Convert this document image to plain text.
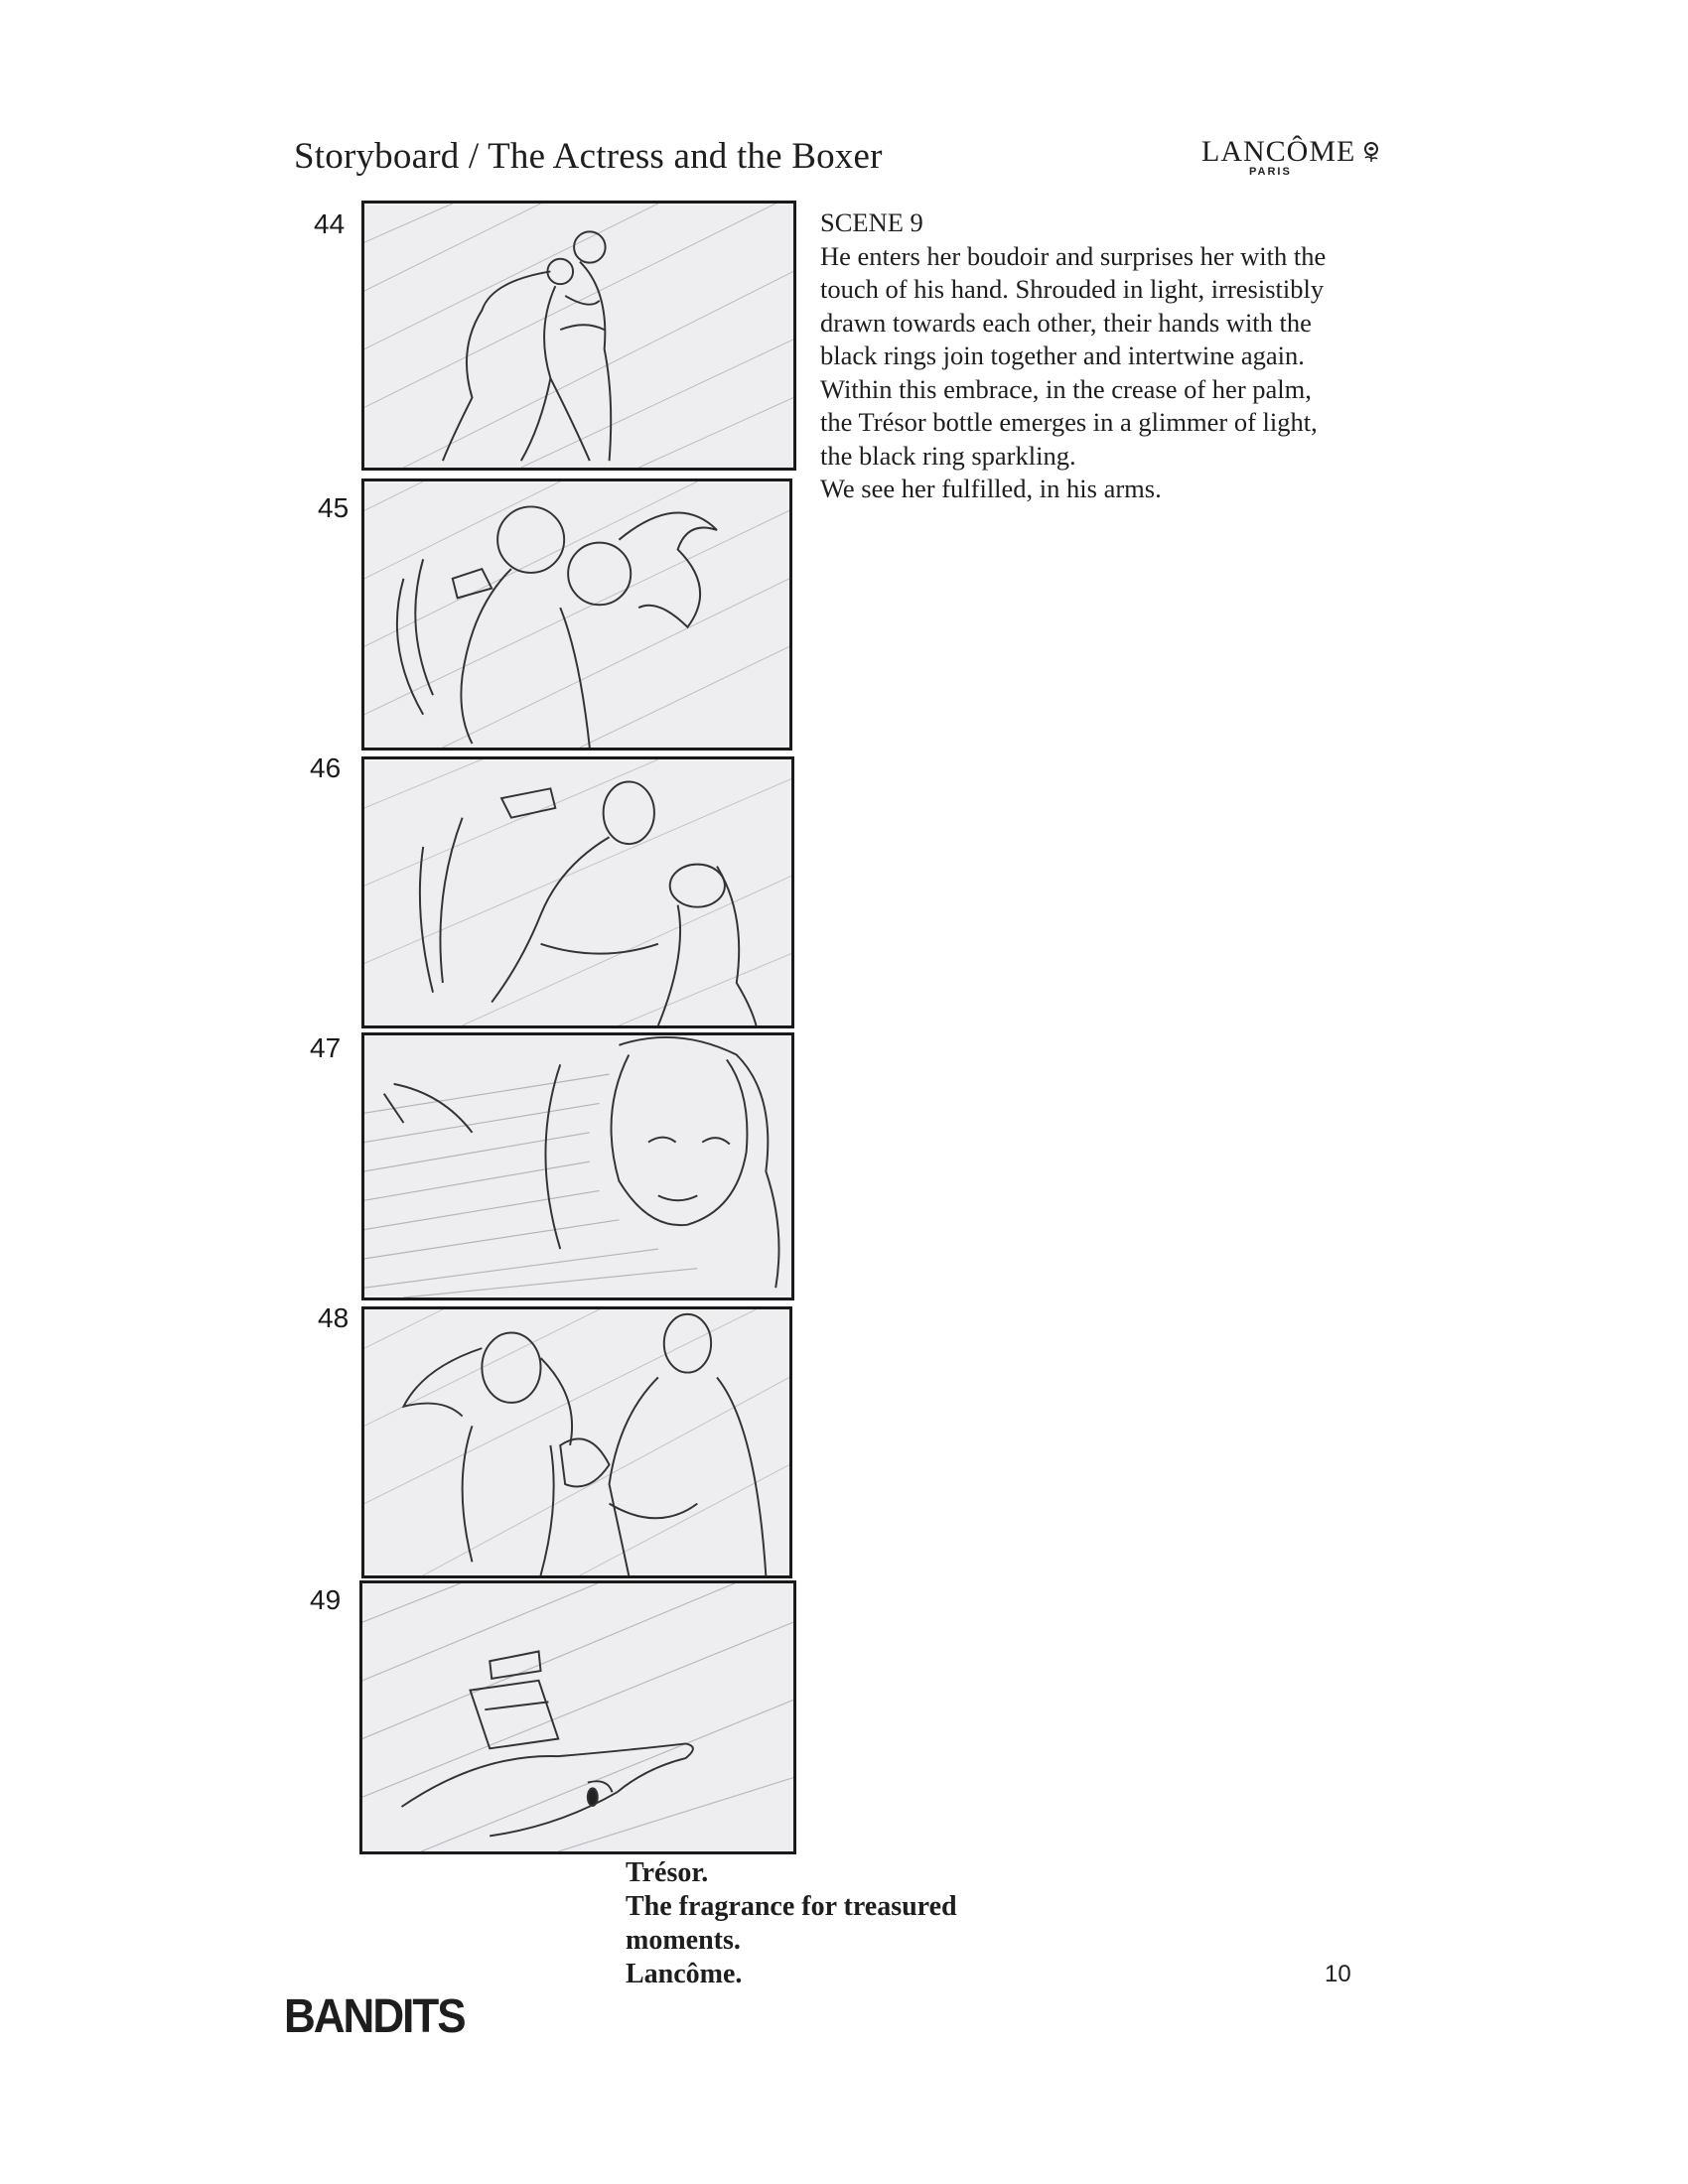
Storyboard / The Actress and the Boxer	LANCÔME
PARIS
44
45
46
47
48
49

SCENE 9

He enters her boudoir and surprises her with the

touch of his hand. Shrouded in light, irresistibly

drawn towards each other, their hands with the

black rings join together and intertwine again.

Within this embrace, in the crease of her palm,

the Trésor bottle emerges in a glimmer of light,

the black ring sparkling.

We see her fulfilled, in his arms.

Trésor.

The fragrance for treasured

moments.

Lancôme.	10
BANDITS
